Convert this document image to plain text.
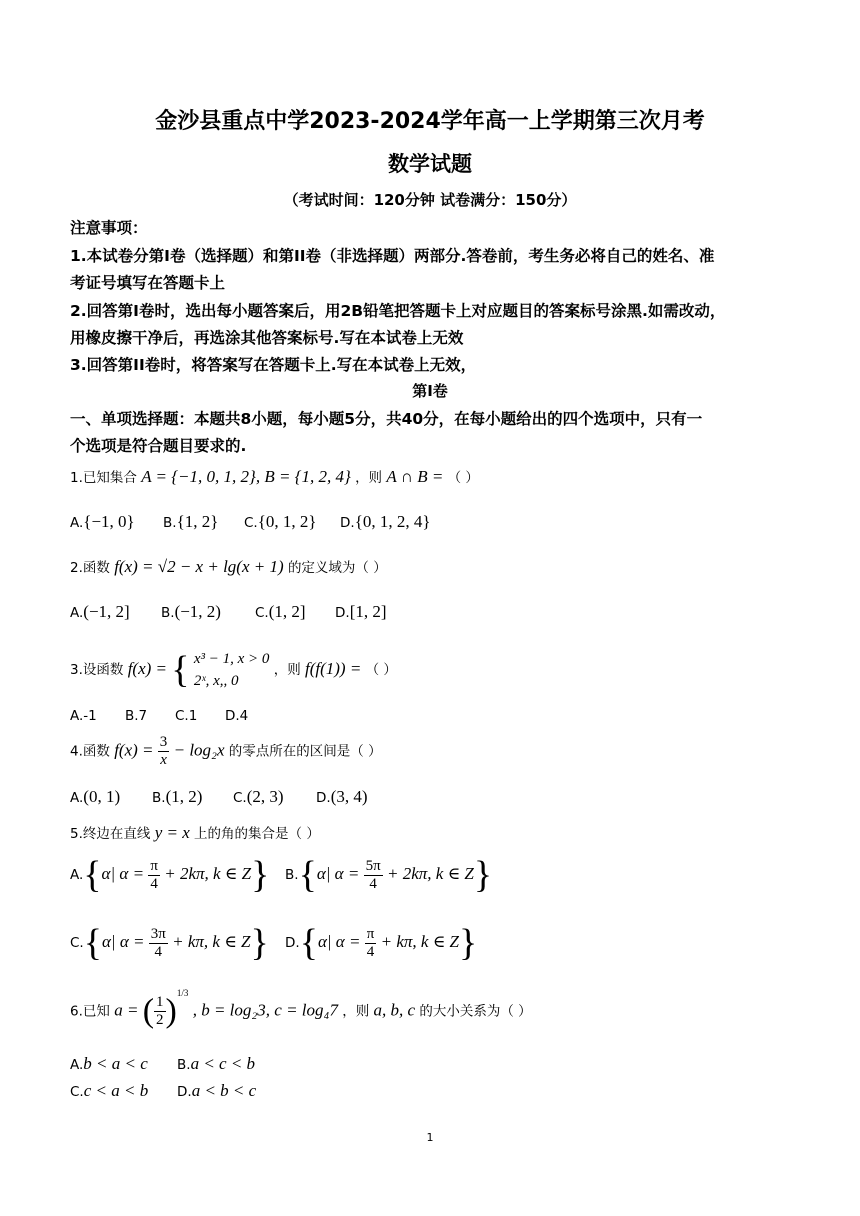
金沙县重点中学2023-2024学年高一上学期第三次月考
数学试题
（考试时间：120分钟 试卷满分：150分）
注意事项：
1.本试卷分第I卷（选择题）和第II卷（非选择题）两部分.答卷前，考生务必将自己的姓名、准
考证号填写在答题卡上
2.回答第I卷时，选出每小题答案后，用2B铅笔把答题卡上对应题目的答案标号涂黑.如需改动，
用橡皮擦干净后，再选涂其他答案标号.写在本试卷上无效
3.回答第II卷时，将答案写在答题卡上.写在本试卷上无效，
第I卷
一、单项选择题：本题共8小题，每小题5分，共40分，在每小题给出的四个选项中，只有一
个选项是符合题目要求的.
1.已知集合 A = {−1, 0, 1, 2}, B = {1, 2, 4} ，则 A ∩ B = （ ）
A.{−1, 0} B.{1, 2} C.{0, 1, 2} D.{0, 1, 2, 4}
2.函数 f(x) = √2 − x + lg(x + 1) 的定义域为（ ）
A.(−1, 2] B.(−1, 2)	C.(1, 2] D.[1, 2]
3.设函数 f(x) = { x³ − 1, x > 0
2ˣ, x,, 0
，则 f(f(1)) = （ ）
A.-1 B.7 C.1 D.4
4.函数 $f(x) = \frac{3}{x} - \log_2x$ 的零点所在的区间是（ ）
A.(0, 1) B.(1, 2) C.(2, 3) D.(3, 4)
5.终边在直线 y = x 上的角的集合是（ ）
A.{α| $\alpha = \frac{\pi}{4} + 2k\pi$, k ∈ Z} B.{α| $\alpha = \frac{5\pi}{4} + 2k\pi$, k ∈ Z}
C.{α| $\alpha = \frac{3\pi}{4} + k\pi$, k ∈ Z} D.{α| $\alpha = \frac{\pi}{4} + k\pi$, k ∈ Z}
6.已知 a = ( $\frac{1}{2} )^{1/3}$ , b = log₂3, c = log₄7 ，则 a, b, c 的大小关系为（ ）
A.b < a < c B.a < c < b
C.c < a < b D.a < b < c
1
